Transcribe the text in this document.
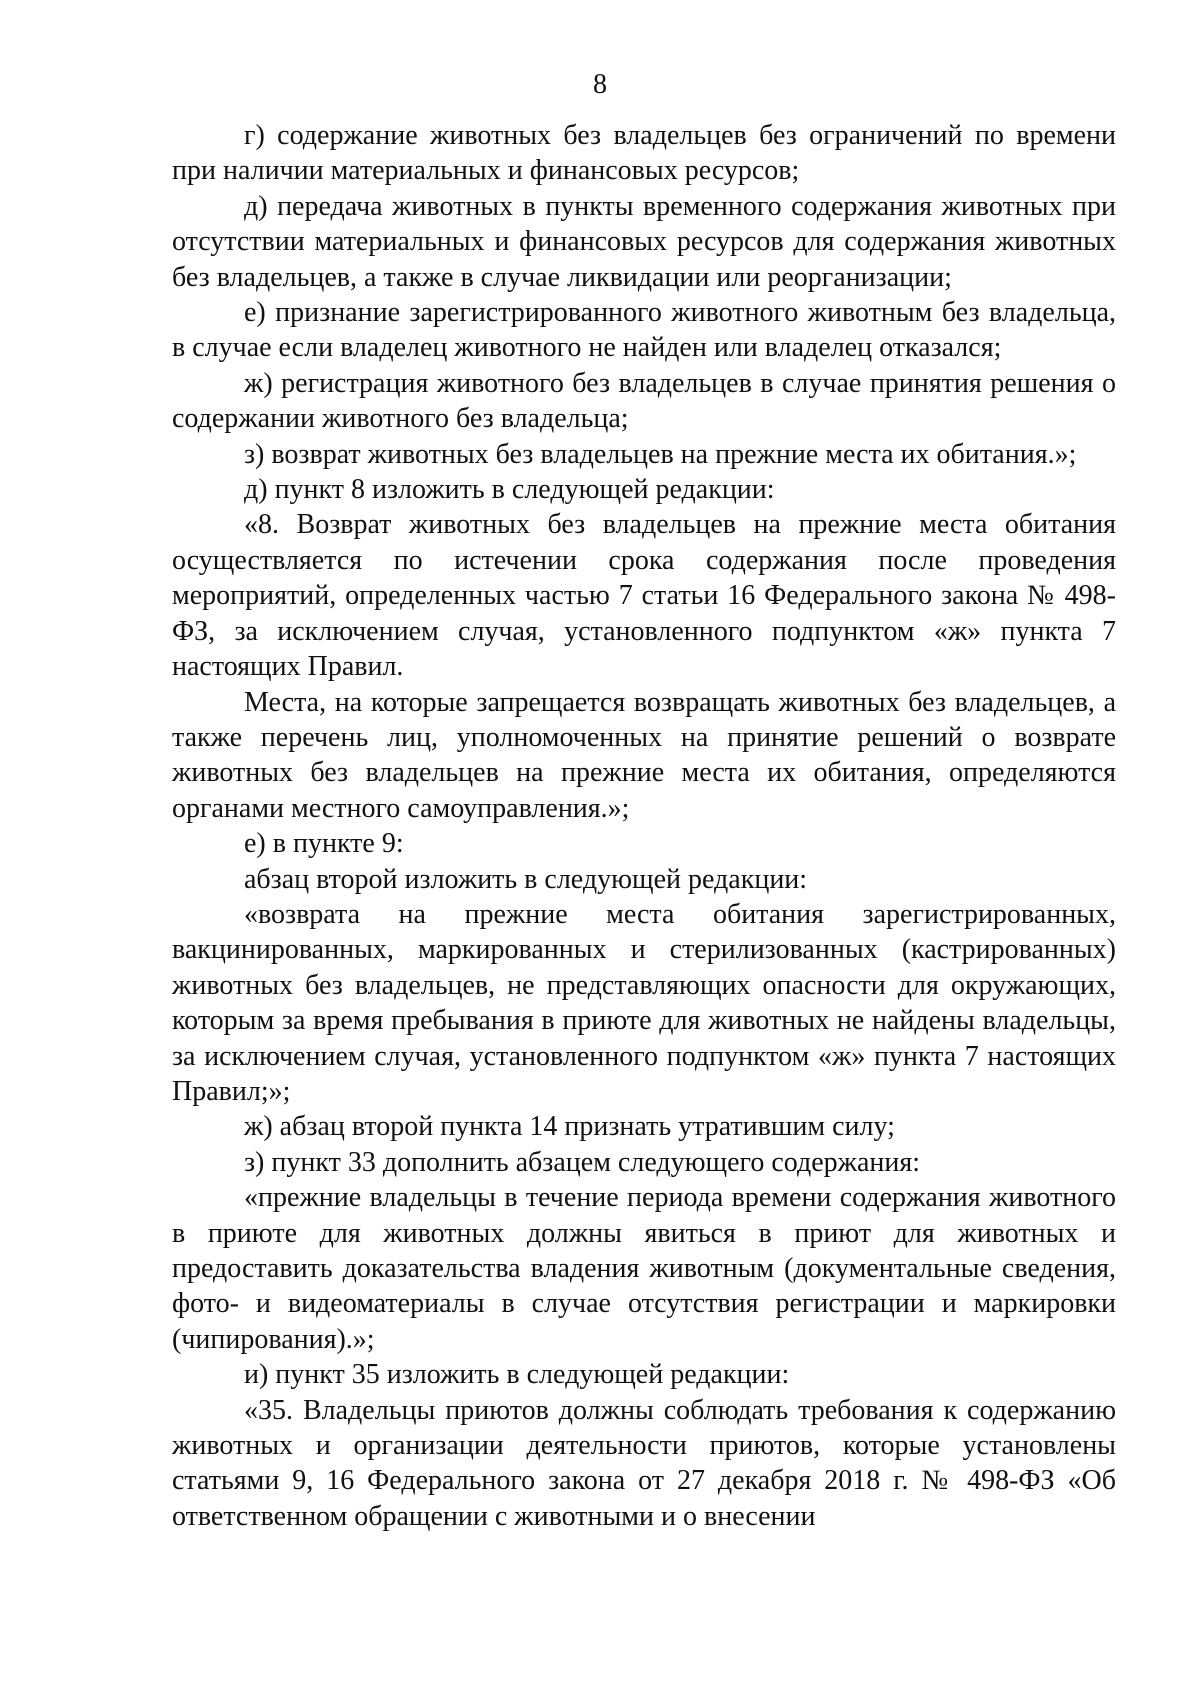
8

г) содержание животных без владельцев без ограничений по времени при наличии материальных и финансовых ресурсов;

д) передача животных в пункты временного содержания животных при отсутствии материальных и финансовых ресурсов для содержания животных без владельцев, а также в случае ликвидации или реорганизации;

е) признание зарегистрированного животного животным без владельца, в случае если владелец животного не найден или владелец отказался;

ж) регистрация животного без владельцев в случае принятия решения о содержании животного без владельца;

з) возврат животных без владельцев на прежние места их обитания.»;

д) пункт 8 изложить в следующей редакции:

«8. Возврат животных без владельцев на прежние места обитания осуществляется по истечении срока содержания после проведения мероприятий, определенных частью 7 статьи 16 Федерального закона № 498-ФЗ, за исключением случая, установленного подпунктом «ж» пункта 7 настоящих Правил.

Места, на которые запрещается возвращать животных без владельцев, а также перечень лиц, уполномоченных на принятие решений о возврате животных без владельцев на прежние места их обитания, определяются органами местного самоуправления.»;

е) в пункте 9:

абзац второй изложить в следующей редакции:

«возврата на прежние места обитания зарегистрированных, вакцинированных, маркированных и стерилизованных (кастрированных) животных без владельцев, не представляющих опасности для окружающих, которым за время пребывания в приюте для животных не найдены владельцы, за исключением случая, установленного подпунктом «ж» пункта 7 настоящих Правил;»;

ж) абзац второй пункта 14 признать утратившим силу;

з) пункт 33 дополнить абзацем следующего содержания:

«прежние владельцы в течение периода времени содержания животного в приюте для животных должны явиться в приют для животных и предоставить доказательства владения животным (документальные сведения, фото- и видеоматериалы в случае отсутствия регистрации и маркировки (чипирования).»;

и) пункт 35 изложить в следующей редакции:

«35. Владельцы приютов должны соблюдать требования к содержанию животных и организации деятельности приютов, которые установлены статьями 9, 16 Федерального закона от 27 декабря 2018 г. № 498-ФЗ «Об ответственном обращении с животными и о внесении
